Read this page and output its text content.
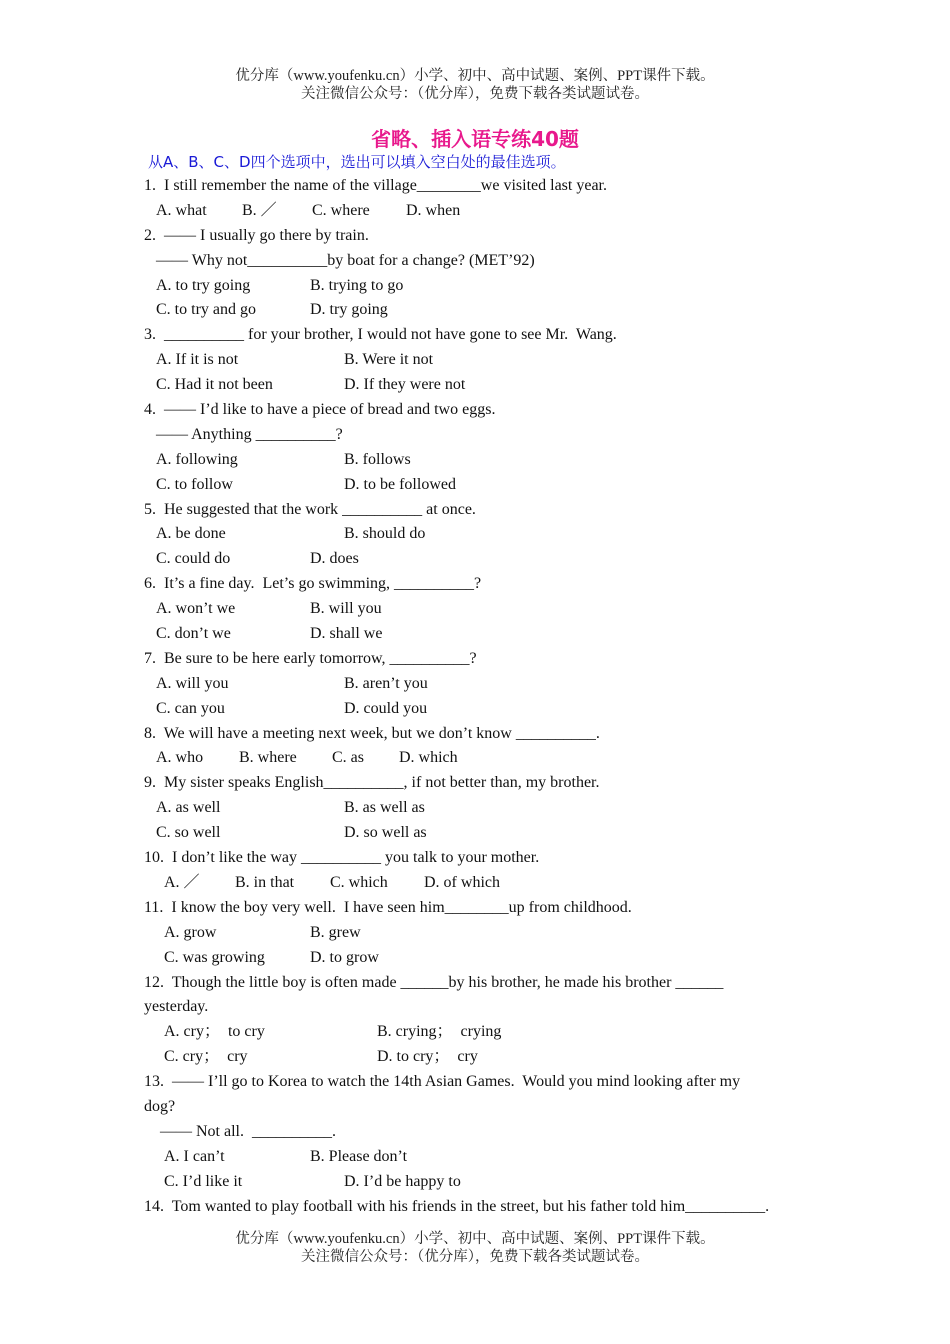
优分库（www.youfenku.cn）小学、初中、高中试题、案例、PPT课件下载。
关注微信公众号：（优分库），免费下载各类试题试卷。
省略、插入语专练40题
从A、B、C、D四个选项中，选出可以填入空白处的最佳选项。
1.  I still remember the name of the village________we visited last year.
A. what B. ／ C. where D. when
2.  —— I usually go there by train.
—— Why not__________by boat for a change? (MET’92)
A. to try going	B. trying to go
C. to try and go	D. try going
3.  __________ for your brother, I would not have gone to see Mr.  Wang.
A. If it is not	B. Were it not
C. Had it not been	D. If they were not
4.  —— I’d like to have a piece of bread and two eggs.
—— Anything __________?
A. following	B. follows
C. to follow	D. to be followed
5.  He suggested that the work __________ at once.
A. be done	B. should do
C. could do	D. does
6.  It’s a fine day.  Let’s go swimming, __________?
A. won’t we	B. will you
C. don’t we	D. shall we
7.  Be sure to be here early tomorrow, __________?
A. will you	B. aren’t you
C. can you	D. could you
8.  We will have a meeting next week, but we don’t know __________.
A. who B. where C. as D. which
9.  My sister speaks English__________, if not better than, my brother.
A. as well	B. as well as
C. so well	D. so well as
10.  I don’t like the way __________ you talk to your mother.
A. ／ B. in that C. which D. of which
11.  I know the boy very well.  I have seen him________up from childhood.
A. grow	B. grew
C. was growing	D. to grow
12.  Though the little boy is often made ______by his brother, he made his brother ______
yesterday.
A. cry；  to cry	B. crying；  crying
C. cry；  cry	D. to cry；  cry
13.  —— I’ll go to Korea to watch the 14th Asian Games.  Would you mind looking after my
dog?
—— Not all.  __________.
A. I can’t	B. Please don’t
C. I’d like it	D. I’d be happy to
14.  Tom wanted to play football with his friends in the street, but his father told him__________.
优分库（www.youfenku.cn）小学、初中、高中试题、案例、PPT课件下载。
关注微信公众号：（优分库），免费下载各类试题试卷。
